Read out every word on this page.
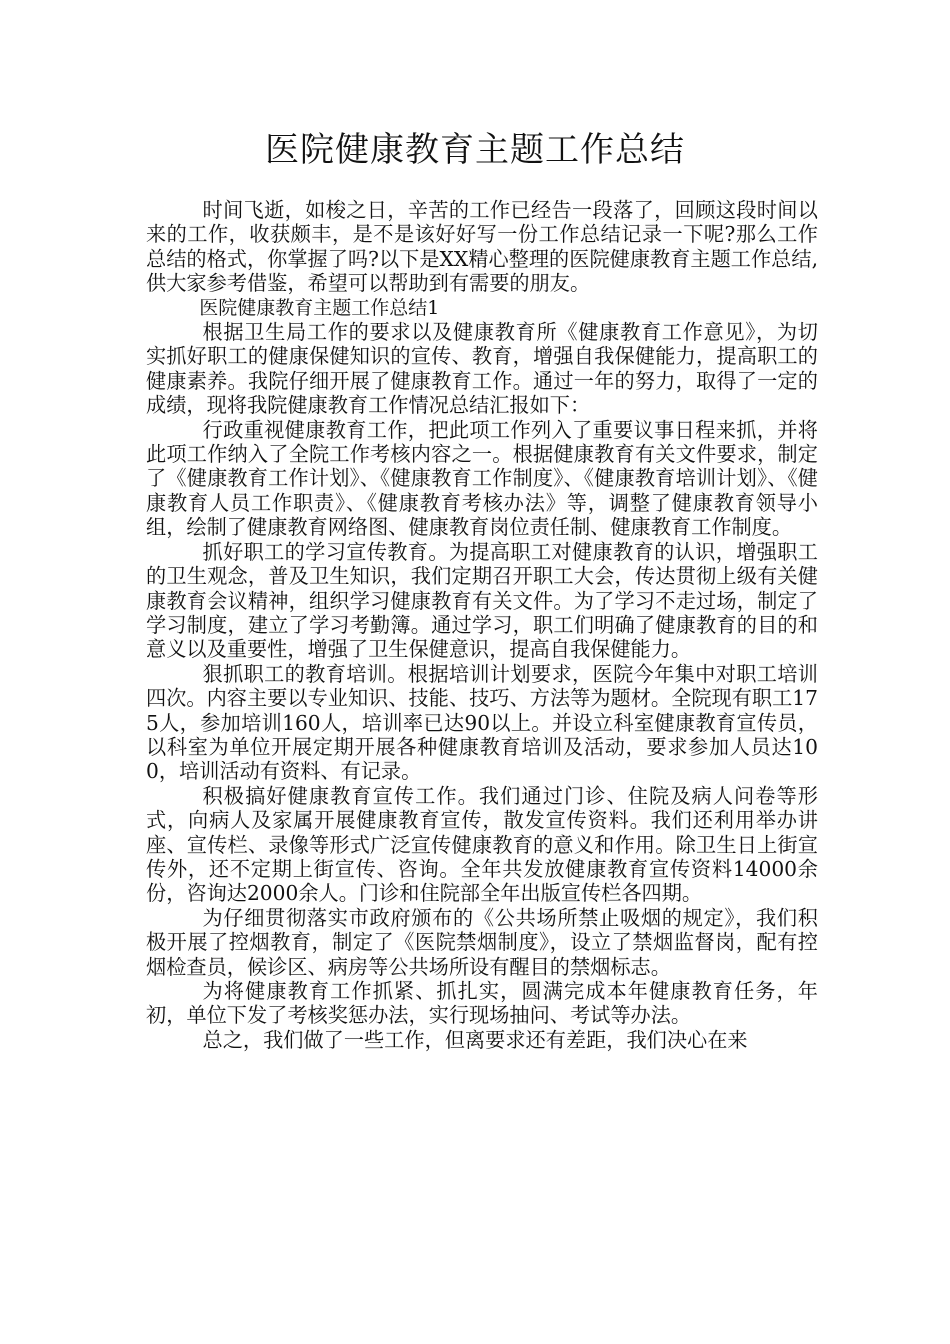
医院健康教育主题工作总结

时间飞逝，如梭之日，辛苦的工作已经告一段落了，回顾这段时间以来的工作，收获颇丰，是不是该好好写一份工作总结记录一下呢?那么工作总结的格式，你掌握了吗?以下是XX精心整理的医院健康教育主题工作总结,供大家参考借鉴，希望可以帮助到有需要的朋友。

医院健康教育主题工作总结1

根据卫生局工作的要求以及健康教育所《健康教育工作意见》，为切实抓好职工的健康保健知识的宣传、教育，增强自我保健能力，提高职工的健康素养。我院仔细开展了健康教育工作。通过一年的努力，取得了一定的成绩，现将我院健康教育工作情况总结汇报如下：

行政重视健康教育工作，把此项工作列入了重要议事日程来抓，并将此项工作纳入了全院工作考核内容之一。根据健康教育有关文件要求，制定了《健康教育工作计划》、《健康教育工作制度》、《健康教育培训计划》、《健康教育人员工作职责》、《健康教育考核办法》等，调整了健康教育领导小组，绘制了健康教育网络图、健康教育岗位责任制、健康教育工作制度。

抓好职工的学习宣传教育。为提高职工对健康教育的认识，增强职工的卫生观念，普及卫生知识，我们定期召开职工大会，传达贯彻上级有关健康教育会议精神，组织学习健康教育有关文件。为了学习不走过场，制定了学习制度，建立了学习考勤簿。通过学习，职工们明确了健康教育的目的和意义以及重要性，增强了卫生保健意识，提高自我保健能力。

狠抓职工的教育培训。根据培训计划要求，医院今年集中对职工培训四次。内容主要以专业知识、技能、技巧、方法等为题材。全院现有职工175人，参加培训160人，培训率已达90以上。并设立科室健康教育宣传员，以科室为单位开展定期开展各种健康教育培训及活动，要求参加人员达100，培训活动有资料、有记录。

积极搞好健康教育宣传工作。我们通过门诊、住院及病人问卷等形式，向病人及家属开展健康教育宣传，散发宣传资料。我们还利用举办讲座、宣传栏、录像等形式广泛宣传健康教育的意义和作用。除卫生日上街宣传外，还不定期上街宣传、咨询。全年共发放健康教育宣传资料14000余份，咨询达2000余人。门诊和住院部全年出版宣传栏各四期。

为仔细贯彻落实市政府颁布的《公共场所禁止吸烟的规定》，我们积极开展了控烟教育，制定了《医院禁烟制度》，设立了禁烟监督岗，配有控烟检查员，候诊区、病房等公共场所设有醒目的禁烟标志。

为将健康教育工作抓紧、抓扎实，圆满完成本年健康教育任务，年初，单位下发了考核奖惩办法，实行现场抽问、考试等办法。

总之，我们做了一些工作，但离要求还有差距，我们决心在来
